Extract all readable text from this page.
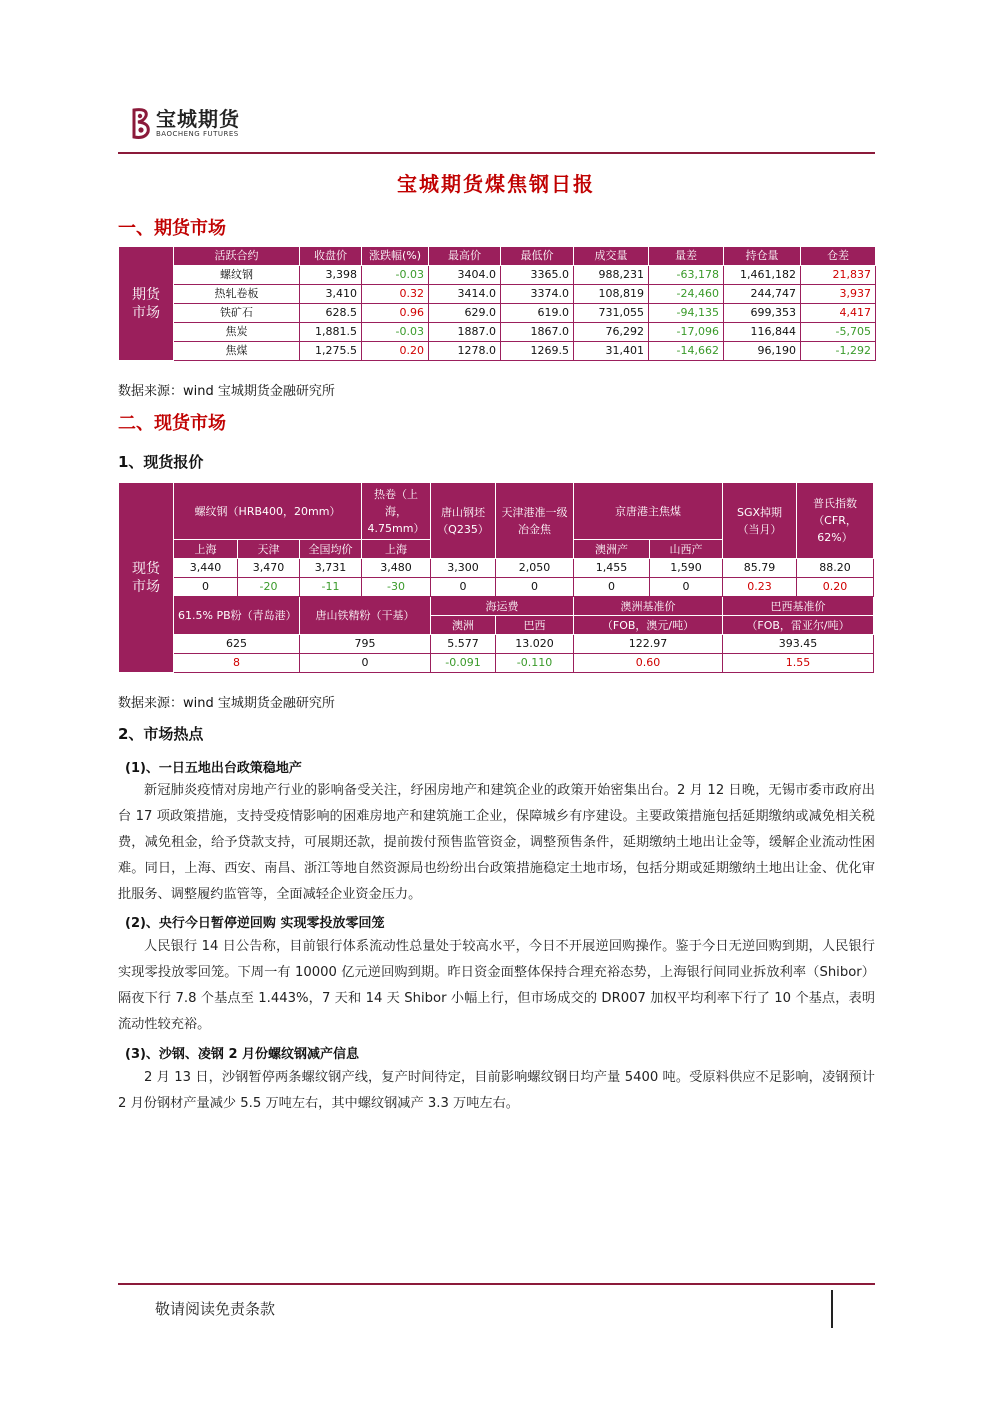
宝城期货
BAOCHENG FUTURES
宝城期货煤焦钢日报
一、期货市场
期货
市场	活跃合约	收盘价	涨跌幅(%)	最高价	最低价	成交量	量差	持仓量	仓差
	螺纹钢	3,398	-0.03	3404.0	3365.0	988,231	-63,178	1,461,182	21,837
	热轧卷板	3,410	0.32	3414.0	3374.0	108,819	-24,460	244,747	3,937
	铁矿石	628.5	0.96	629.0	619.0	731,055	-94,135	699,353	4,417
	焦炭	1,881.5	-0.03	1887.0	1867.0	76,292	-17,096	116,844	-5,705
	焦煤	1,275.5	0.20	1278.0	1269.5	31,401	-14,662	96,190	-1,292
数据来源：wind 宝城期货金融研究所
二、现货市场
1、现货报价
现货
市场	螺纹钢（HRB400，20mm）			热卷（上海，4.75mm）	唐山钢坯（Q235）	天津港准一级冶金焦	京唐港主焦煤		SGX掉期（当月）	普氏指数（CFR，62%）
	上海	天津	全国均价	上海			澳洲产	山西产		
	3,440	3,470	3,731	3,480	3,300	2,050	1,455	1,590	85.79	88.20
	0	-20	-11	-30	0	0	0	0	0.23	0.20
	61.5% PB粉（青岛港）		唐山铁精粉（干基）		海运费		澳洲基准价		巴西基准价	
					澳洲	巴西	（FOB，澳元/吨）		（FOB，雷亚尔/吨）	
	625		795		5.577	13.020	122.97		393.45	
	8		0		-0.091	-0.110	0.60		1.55	
数据来源：wind 宝城期货金融研究所
2、市场热点
(1)、一日五地出台政策稳地产
新冠肺炎疫情对房地产行业的影响备受关注，纾困房地产和建筑企业的政策开始密集出台。2 月 12 日晚，无锡市委市政府出台 17 项政策措施，支持受疫情影响的困难房地产和建筑施工企业，保障城乡有序建设。主要政策措施包括延期缴纳或减免相关税费，减免租金，给予贷款支持，可展期还款，提前拨付预售监管资金，调整预售条件，延期缴纳土地出让金等，缓解企业流动性困难。同日，上海、西安、南昌、浙江等地自然资源局也纷纷出台政策措施稳定土地市场，包括分期或延期缴纳土地出让金、优化审批服务、调整履约监管等，全面减轻企业资金压力。
(2)、央行今日暂停逆回购 实现零投放零回笼
人民银行 14 日公告称，目前银行体系流动性总量处于较高水平，今日不开展逆回购操作。鉴于今日无逆回购到期，人民银行实现零投放零回笼。下周一有 10000 亿元逆回购到期。昨日资金面整体保持合理充裕态势，上海银行间同业拆放利率（Shibor）隔夜下行 7.8 个基点至 1.443%，7 天和 14 天 Shibor 小幅上行，但市场成交的 DR007 加权平均利率下行了 10 个基点，表明流动性较充裕。
(3)、沙钢、凌钢 2 月份螺纹钢减产信息
2 月 13 日，沙钢暂停两条螺纹钢产线，复产时间待定，目前影响螺纹钢日均产量 5400 吨。受原料供应不足影响，凌钢预计 2 月份钢材产量减少 5.5 万吨左右，其中螺纹钢减产 3.3 万吨左右。
敬请阅读免责条款
